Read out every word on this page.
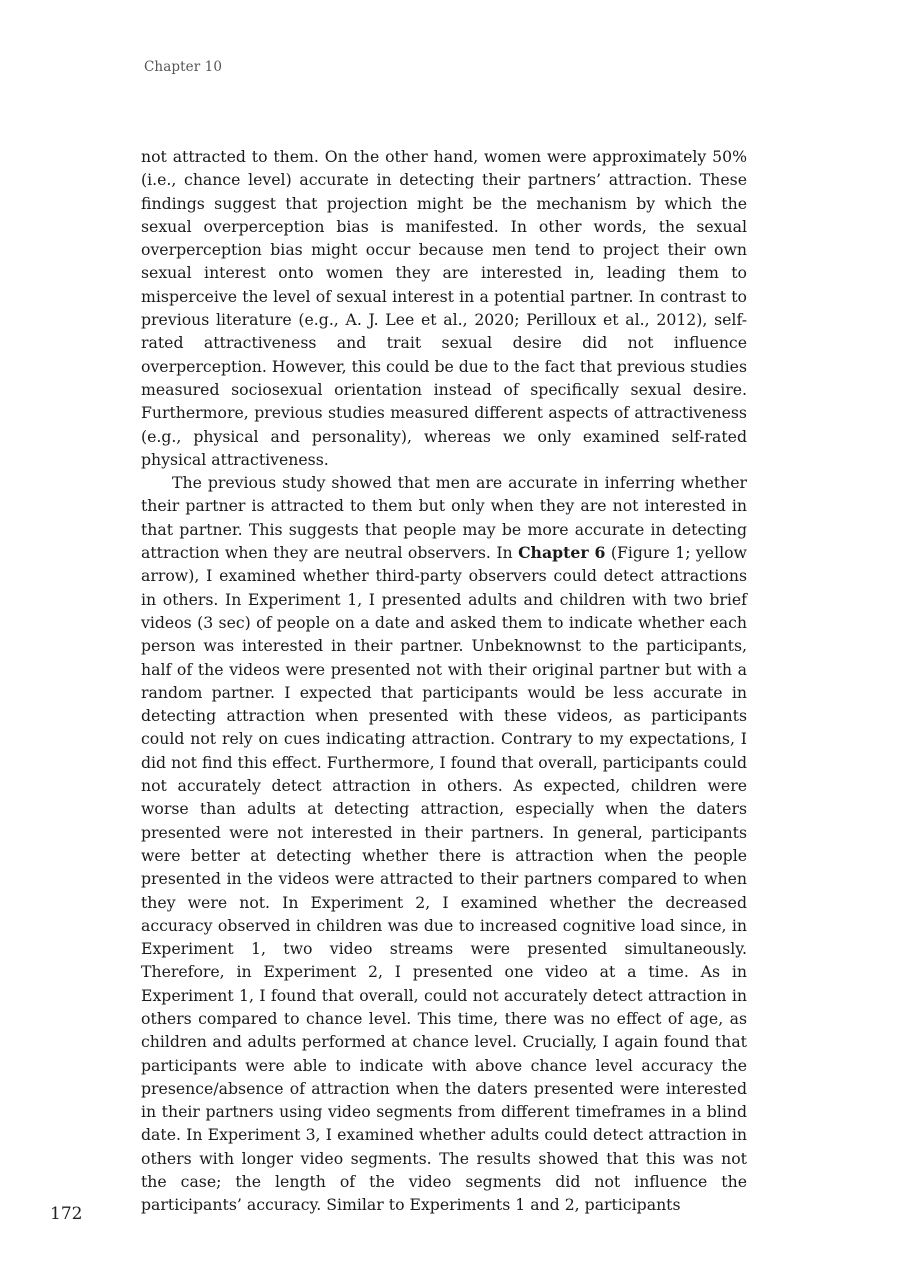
Chapter 10

not attracted to them. On the other hand, women were approximately 50% (i.e., chance level) accurate in detecting their partners’ attraction. These findings suggest that projection might be the mechanism by which the sexual overperception bias is manifested. In other words, the sexual overperception bias might occur because men tend to project their own sexual interest onto women they are interested in, leading them to misperceive the level of sexual interest in a potential partner. In contrast to previous literature (e.g., A. J. Lee et al., 2020; Perilloux et al., 2012), self-rated attractiveness and trait sexual desire did not influence overperception. However, this could be due to the fact that previous studies measured sociosexual orientation instead of specifically sexual desire. Furthermore, previous studies measured different aspects of attractiveness (e.g., physical and personality), whereas we only examined self-rated physical attractiveness.

The previous study showed that men are accurate in inferring whether their partner is attracted to them but only when they are not interested in that partner. This suggests that people may be more accurate in detecting attraction when they are neutral observers. In Chapter 6 (Figure 1; yellow arrow), I examined whether third-party observers could detect attractions in others. In Experiment 1, I presented adults and children with two brief videos (3 sec) of people on a date and asked them to indicate whether each person was interested in their partner. Unbeknownst to the participants, half of the videos were presented not with their original partner but with a random partner. I expected that participants would be less accurate in detecting attraction when presented with these videos, as participants could not rely on cues indicating attraction. Contrary to my expectations, I did not find this effect. Furthermore, I found that overall, participants could not accurately detect attraction in others. As expected, children were worse than adults at detecting attraction, especially when the daters presented were not interested in their partners. In general, participants were better at detecting whether there is attraction when the people presented in the videos were attracted to their partners compared to when they were not. In Experiment 2, I examined whether the decreased accuracy observed in children was due to increased cognitive load since, in Experiment 1, two video streams were presented simultaneously. Therefore, in Experiment 2, I presented one video at a time. As in Experiment 1, I found that overall, could not accurately detect attraction in others compared to chance level. This time, there was no effect of age, as children and adults performed at chance level. Crucially, I again found that participants were able to indicate with above chance level accuracy the presence/absence of attraction when the daters presented were interested in their partners using video segments from different timeframes in a blind date. In Experiment 3, I examined whether adults could detect attraction in others with longer video segments. The results showed that this was not the case; the length of the video segments did not influence the participants’ accuracy. Similar to Experiments 1 and 2, participants

172
